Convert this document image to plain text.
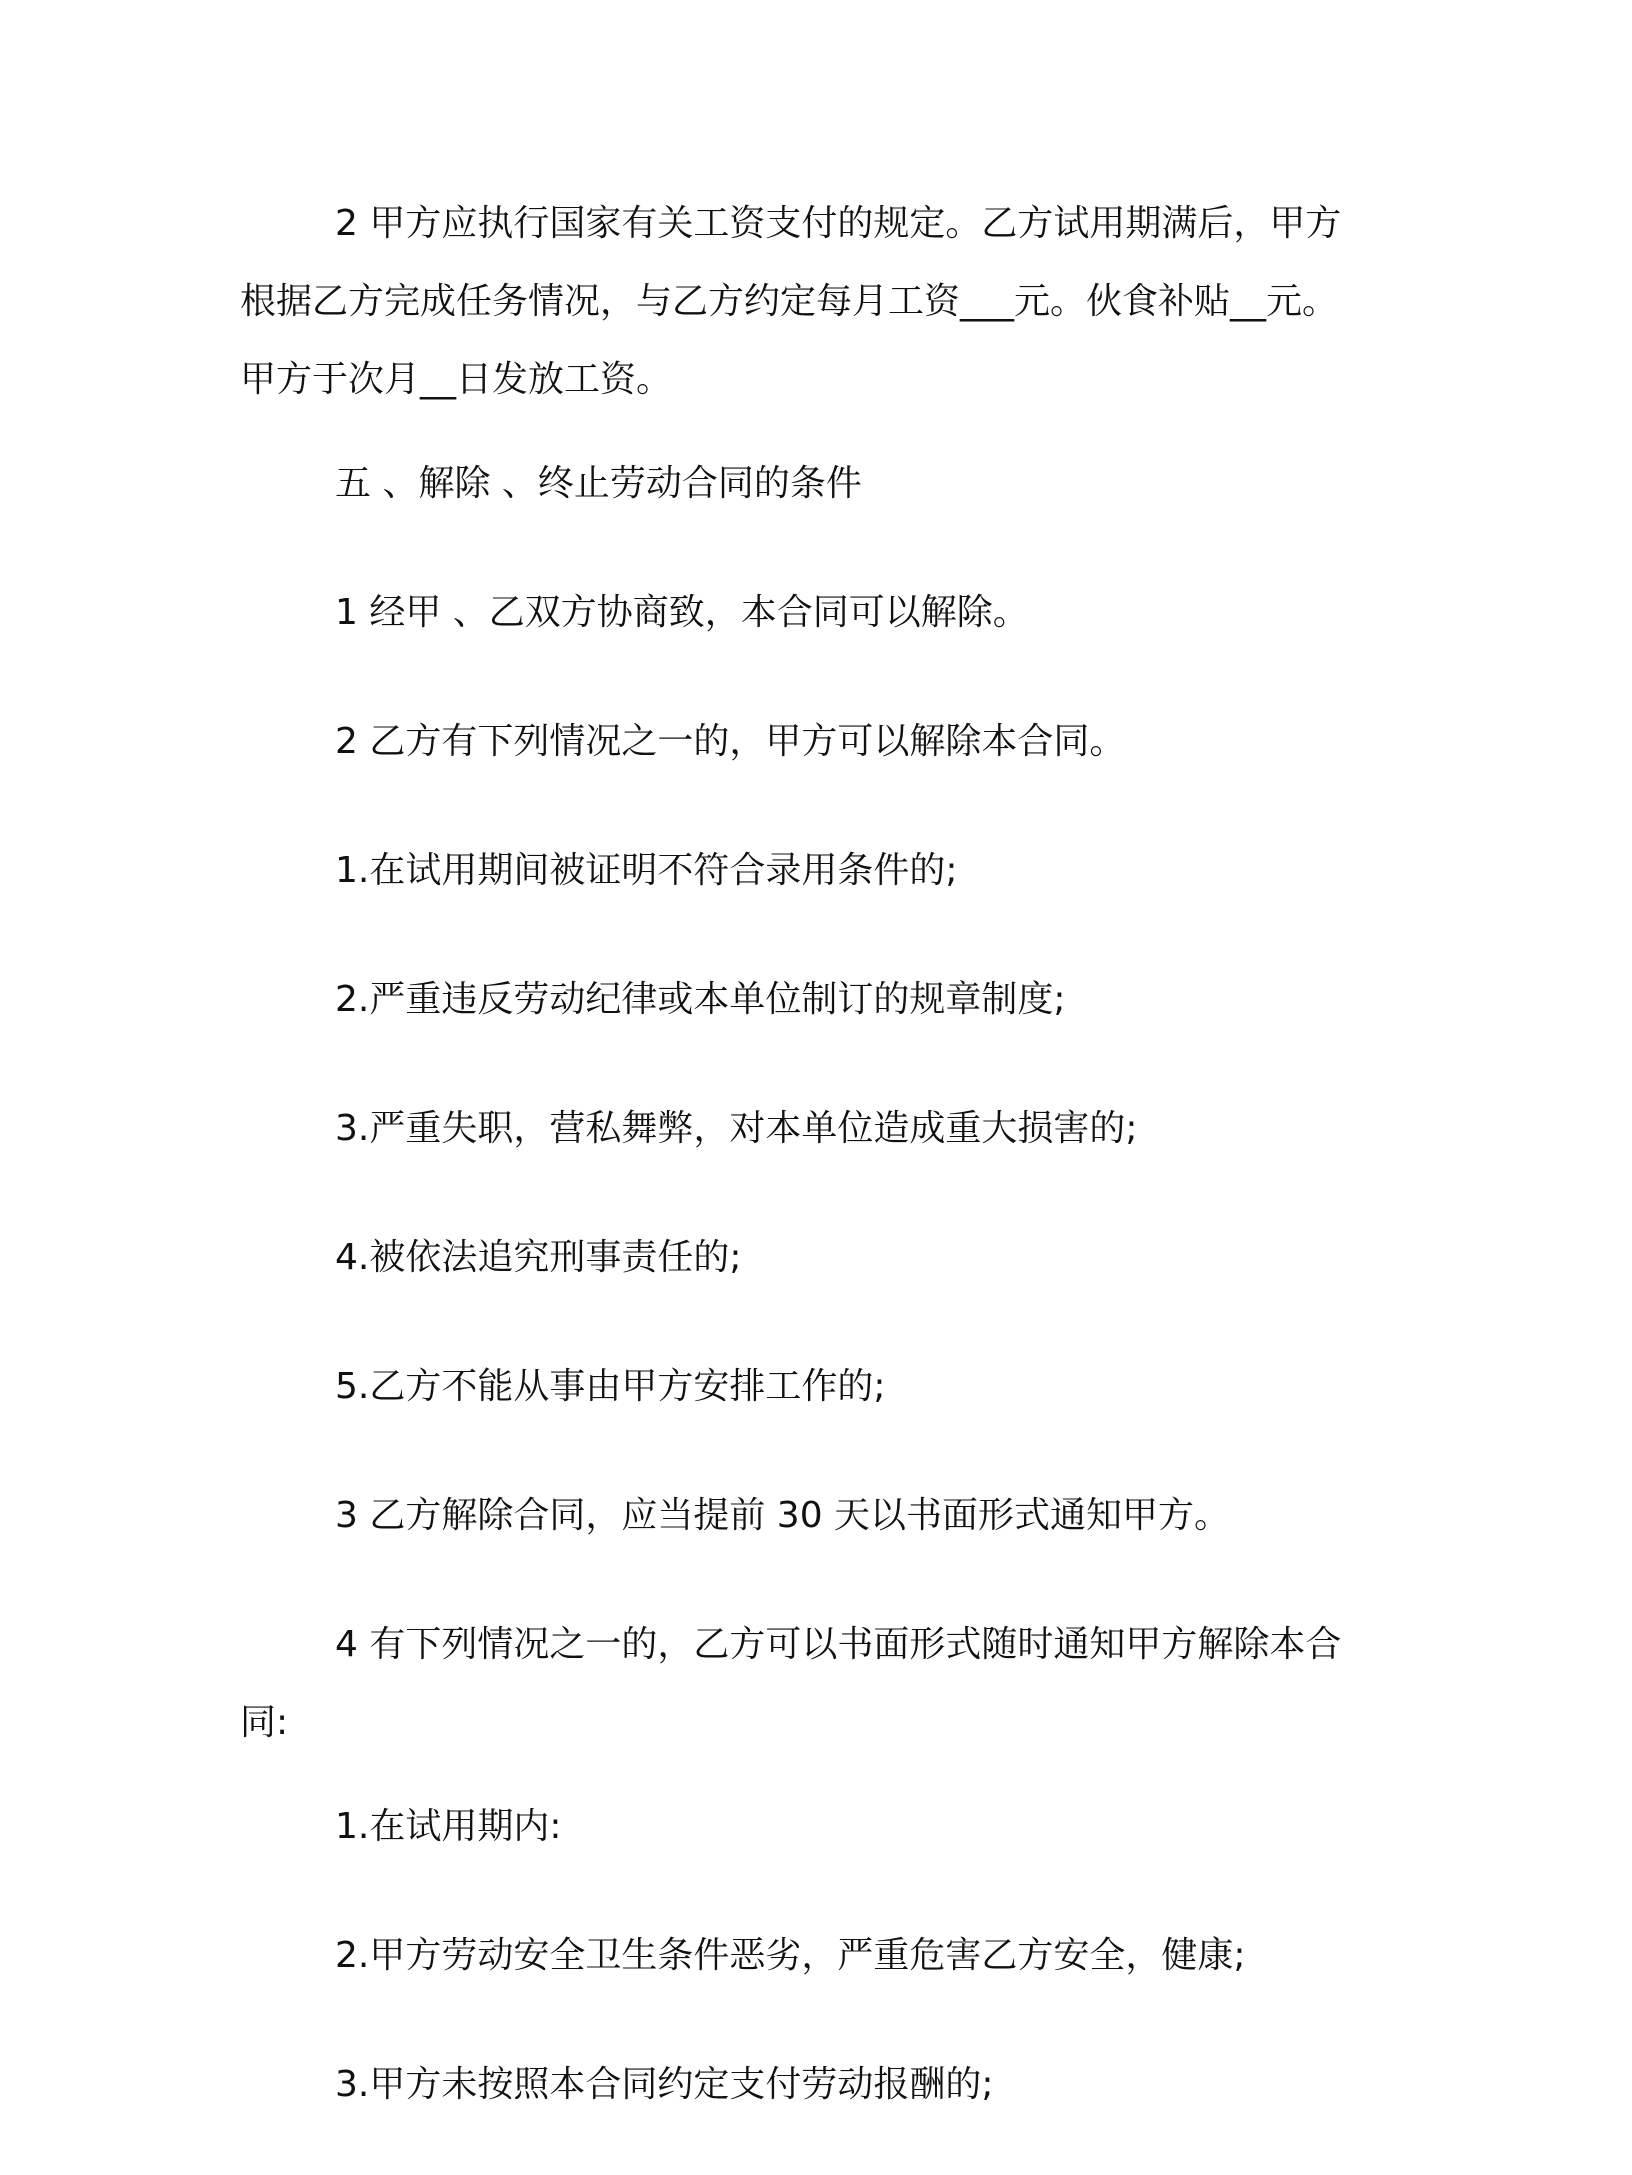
2 甲方应执行国家有关工资支付的规定。乙方试用期满后，甲方根据乙方完成任务情况，与乙方约定每月工资___元。伙食补贴__元。甲方于次月__日发放工资。

五 、解除 、终止劳动合同的条件

1 经甲 、乙双方协商致，本合同可以解除。

2 乙方有下列情况之一的，甲方可以解除本合同。

1.在试用期间被证明不符合录用条件的;

2.严重违反劳动纪律或本单位制订的规章制度;

3.严重失职，营私舞弊，对本单位造成重大损害的;

4.被依法追究刑事责任的;

5.乙方不能从事由甲方安排工作的;

3 乙方解除合同，应当提前 30 天以书面形式通知甲方。

4 有下列情况之一的，乙方可以书面形式随时通知甲方解除本合同:

1.在试用期内:

2.甲方劳动安全卫生条件恶劣，严重危害乙方安全，健康;

3.甲方未按照本合同约定支付劳动报酬的;
